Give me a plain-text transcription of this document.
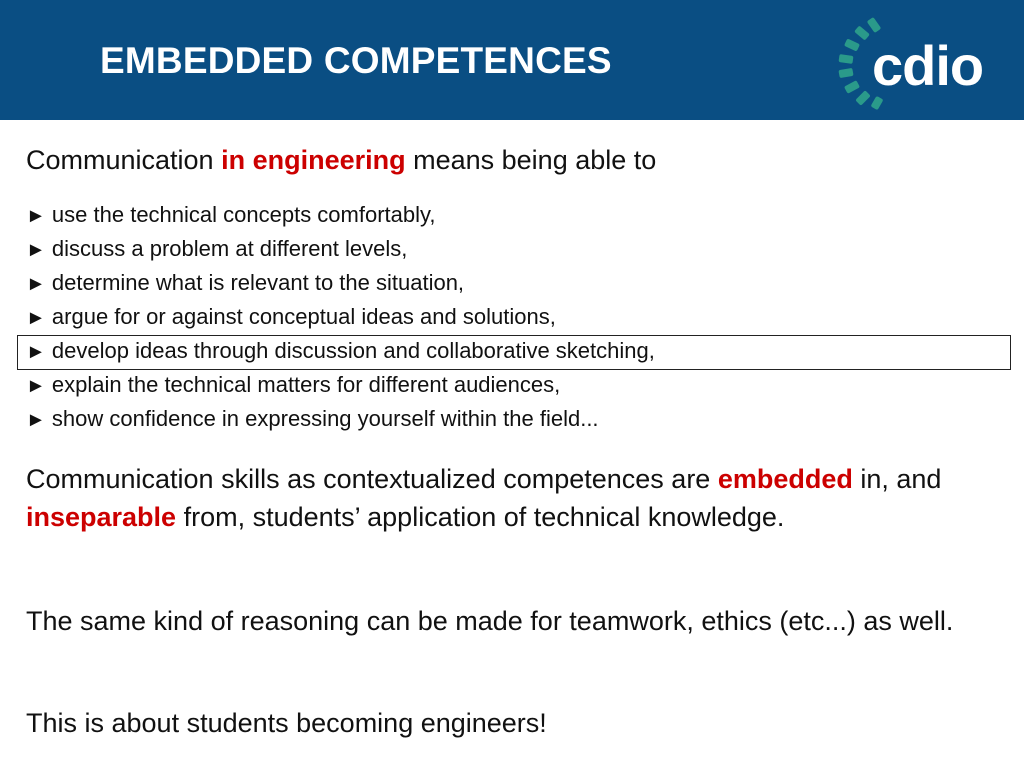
EMBEDDED COMPETENCES	cdio

Communication in engineering means being able to

► use the technical concepts comfortably,

► discuss a problem at different levels,

► determine what is relevant to the situation,

► argue for or against conceptual ideas and solutions,

► develop ideas through discussion and collaborative sketching,

► explain the technical matters for different audiences,

► show confidence in expressing yourself within the field...

Communication skills as contextualized competences are embedded in, and inseparable from, students’ application of technical knowledge.

The same kind of reasoning can be made for teamwork, ethics (etc...) as well.

This is about students becoming engineers!
